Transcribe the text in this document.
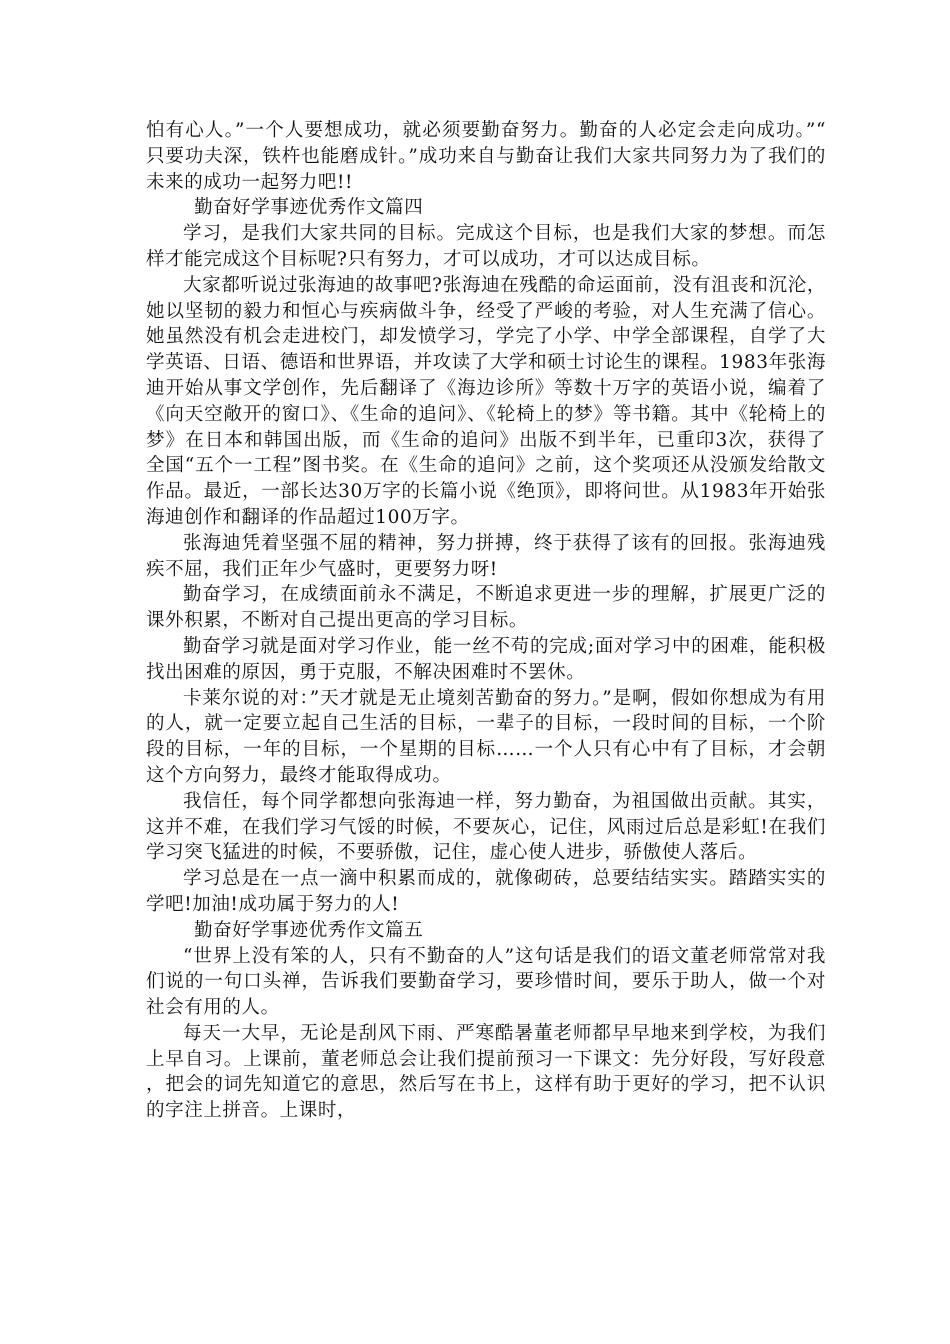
怕有心人。”一个人要想成功，就必须要勤奋努力。勤奋的人必定会走向成功。”“只要功夫深，铁杵也能磨成针。”成功来自与勤奋让我们大家共同努力为了我们的未来的成功一起努力吧!!

勤奋好学事迹优秀作文篇四

学习，是我们大家共同的目标。完成这个目标，也是我们大家的梦想。而怎样才能完成这个目标呢?只有努力，才可以成功，才可以达成目标。

大家都听说过张海迪的故事吧?张海迪在残酷的命运面前，没有沮丧和沉沦，她以坚韧的毅力和恒心与疾病做斗争，经受了严峻的考验，对人生充满了信心。她虽然没有机会走进校门，却发愤学习，学完了小学、中学全部课程，自学了大学英语、日语、德语和世界语，并攻读了大学和硕士讨论生的课程。1983年张海迪开始从事文学创作，先后翻译了《海边诊所》等数十万字的英语小说，编着了《向天空敞开的窗口》、《生命的追问》、《轮椅上的梦》等书籍。其中《轮椅上的梦》在日本和韩国出版，而《生命的追问》出版不到半年，已重印3次，获得了全国“五个一工程”图书奖。在《生命的追问》之前，这个奖项还从没颁发给散文作品。最近，一部长达30万字的长篇小说《绝顶》，即将问世。从1983年开始张海迪创作和翻译的作品超过100万字。

张海迪凭着坚强不屈的精神，努力拼搏，终于获得了该有的回报。张海迪残疾不屈，我们正年少气盛时，更要努力呀!

勤奋学习，在成绩面前永不满足，不断追求更进一步的理解，扩展更广泛的课外积累，不断对自己提出更高的学习目标。

勤奋学习就是面对学习作业，能一丝不苟的完成;面对学习中的困难，能积极找出困难的原因，勇于克服，不解决困难时不罢休。

卡莱尔说的对：”天才就是无止境刻苦勤奋的努力。”是啊，假如你想成为有用的人，就一定要立起自己生活的目标，一辈子的目标，一段时间的目标，一个阶段的目标，一年的目标，一个星期的目标……一个人只有心中有了目标，才会朝这个方向努力，最终才能取得成功。

我信任，每个同学都想向张海迪一样，努力勤奋，为祖国做出贡献。其实，这并不难，在我们学习气馁的时候，不要灰心，记住，风雨过后总是彩虹!在我们学习突飞猛进的时候，不要骄傲，记住，虚心使人进步，骄傲使人落后。

学习总是在一点一滴中积累而成的，就像砌砖，总要结结实实。踏踏实实的学吧!加油!成功属于努力的人!

勤奋好学事迹优秀作文篇五

“世界上没有笨的人，只有不勤奋的人”这句话是我们的语文董老师常常对我们说的一句口头禅，告诉我们要勤奋学习，要珍惜时间，要乐于助人，做一个对社会有用的人。

每天一大早，无论是刮风下雨、严寒酷暑董老师都早早地来到学校，为我们上早自习。上课前，董老师总会让我们提前预习一下课文：先分好段，写好段意，把会的词先知道它的意思，然后写在书上，这样有助于更好的学习，把不认识的字注上拼音。上课时，
